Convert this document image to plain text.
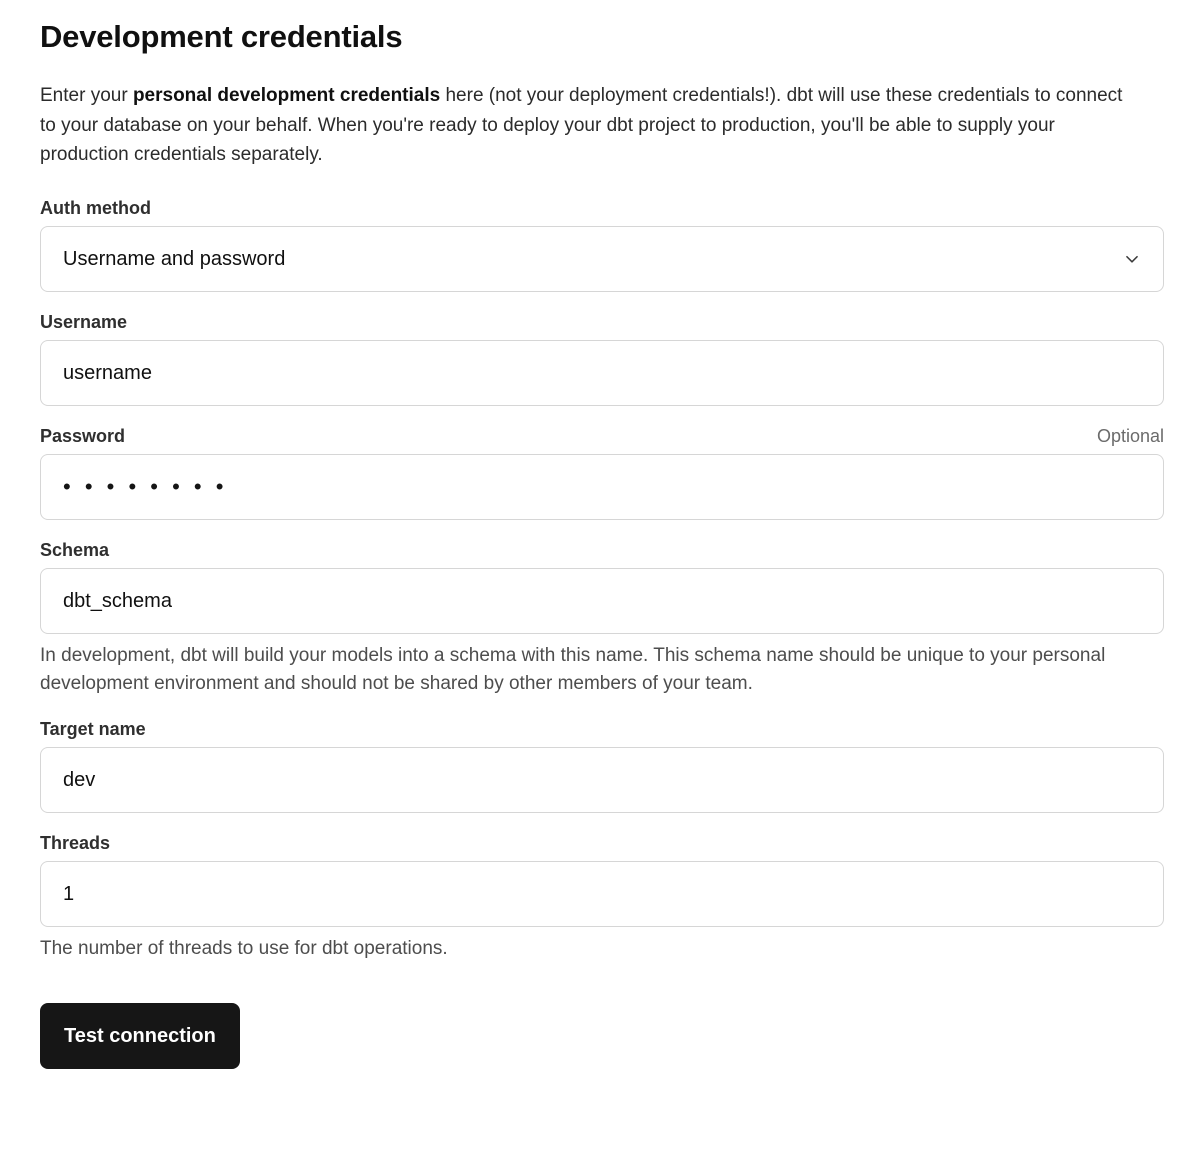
Development credentials

Enter your personal development credentials here (not your deployment credentials!). dbt will use these credentials to connect to your database on your behalf. When you're ready to deploy your dbt project to production, you'll be able to supply your production credentials separately.

Auth method
Username and password
Username
username
Password	Optional
• • • • • • • •
Schema
dbt_schema

In development, dbt will build your models into a schema with this name. This schema name should be unique to your personal development environment and should not be shared by other members of your team.

Target name
dev
Threads
1

The number of threads to use for dbt operations.

Test connection
